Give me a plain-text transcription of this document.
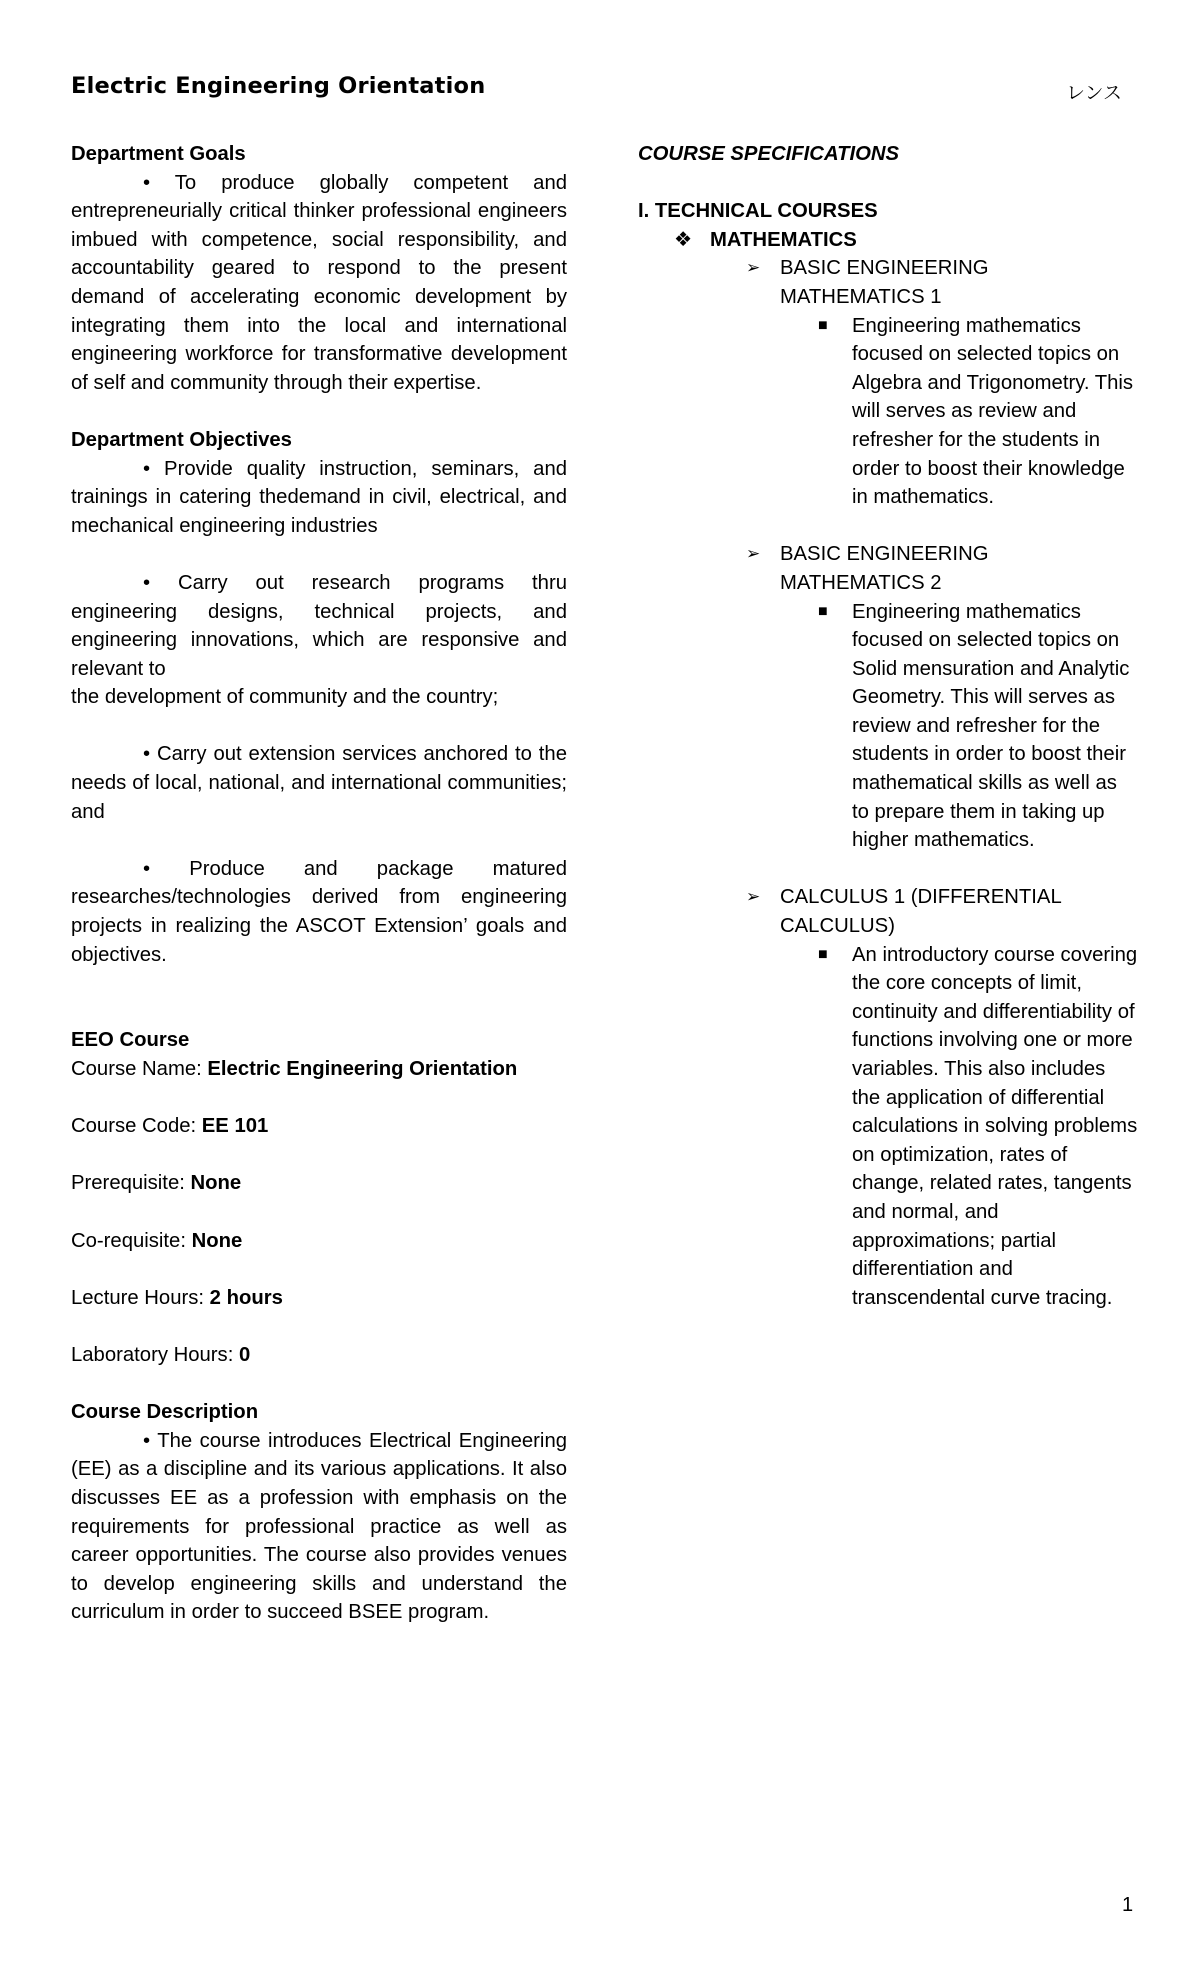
Electric Engineering Orientation	レンス
Department Goals
• To produce globally competent and entrepreneurially critical thinker professional engineers imbued with competence, social responsibility, and accountability geared to respond to the present demand of accelerating economic development by integrating them into the local and international engineering workforce for transformative development of self and community through their expertise.
Department Objectives
• Provide quality instruction, seminars, and trainings in catering thedemand in civil, electrical, and mechanical engineering industries
• Carry out research programs thru engineering designs, technical projects, and engineering innovations, which are responsive and relevant to
the development of community and the country;
• Carry out extension services anchored to the needs of local, national, and international communities; and
• Produce and package matured researches/technologies derived from engineering projects in realizing the ASCOT Extension’ goals and objectives.
EEO Course
Course Name: Electric Engineering Orientation
Course Code: EE 101
Prerequisite: None
Co-requisite: None
Lecture Hours: 2 hours
Laboratory Hours: 0
Course Description
• The course introduces Electrical Engineering (EE) as a discipline and its various applications. It also discusses EE as a profession with emphasis on the requirements for professional practice as well as career opportunities. The course also provides venues to develop engineering skills and understand the curriculum in order to succeed BSEE program.
COURSE SPECIFICATIONS
I. TECHNICAL COURSES
❖ MATHEMATICS
➢ BASIC ENGINEERING MATHEMATICS 1
■ Engineering mathematics focused on selected topics on Algebra and Trigonometry. This will serves as review and refresher for the students in order to boost their knowledge in mathematics.
➢ BASIC ENGINEERING MATHEMATICS 2
■ Engineering mathematics focused on selected topics on Solid mensuration and Analytic Geometry. This will serves as review and refresher for the students in order to boost their mathematical skills as well as to prepare them in taking up higher mathematics.
➢ CALCULUS 1 (DIFFERENTIAL CALCULUS)
■ An introductory course covering the core concepts of limit, continuity and differentiability of functions involving one or more variables. This also includes the application of differential calculations in solving problems on optimization, rates of change, related rates, tangents and normal, and approximations; partial differentiation and transcendental curve tracing.
1
